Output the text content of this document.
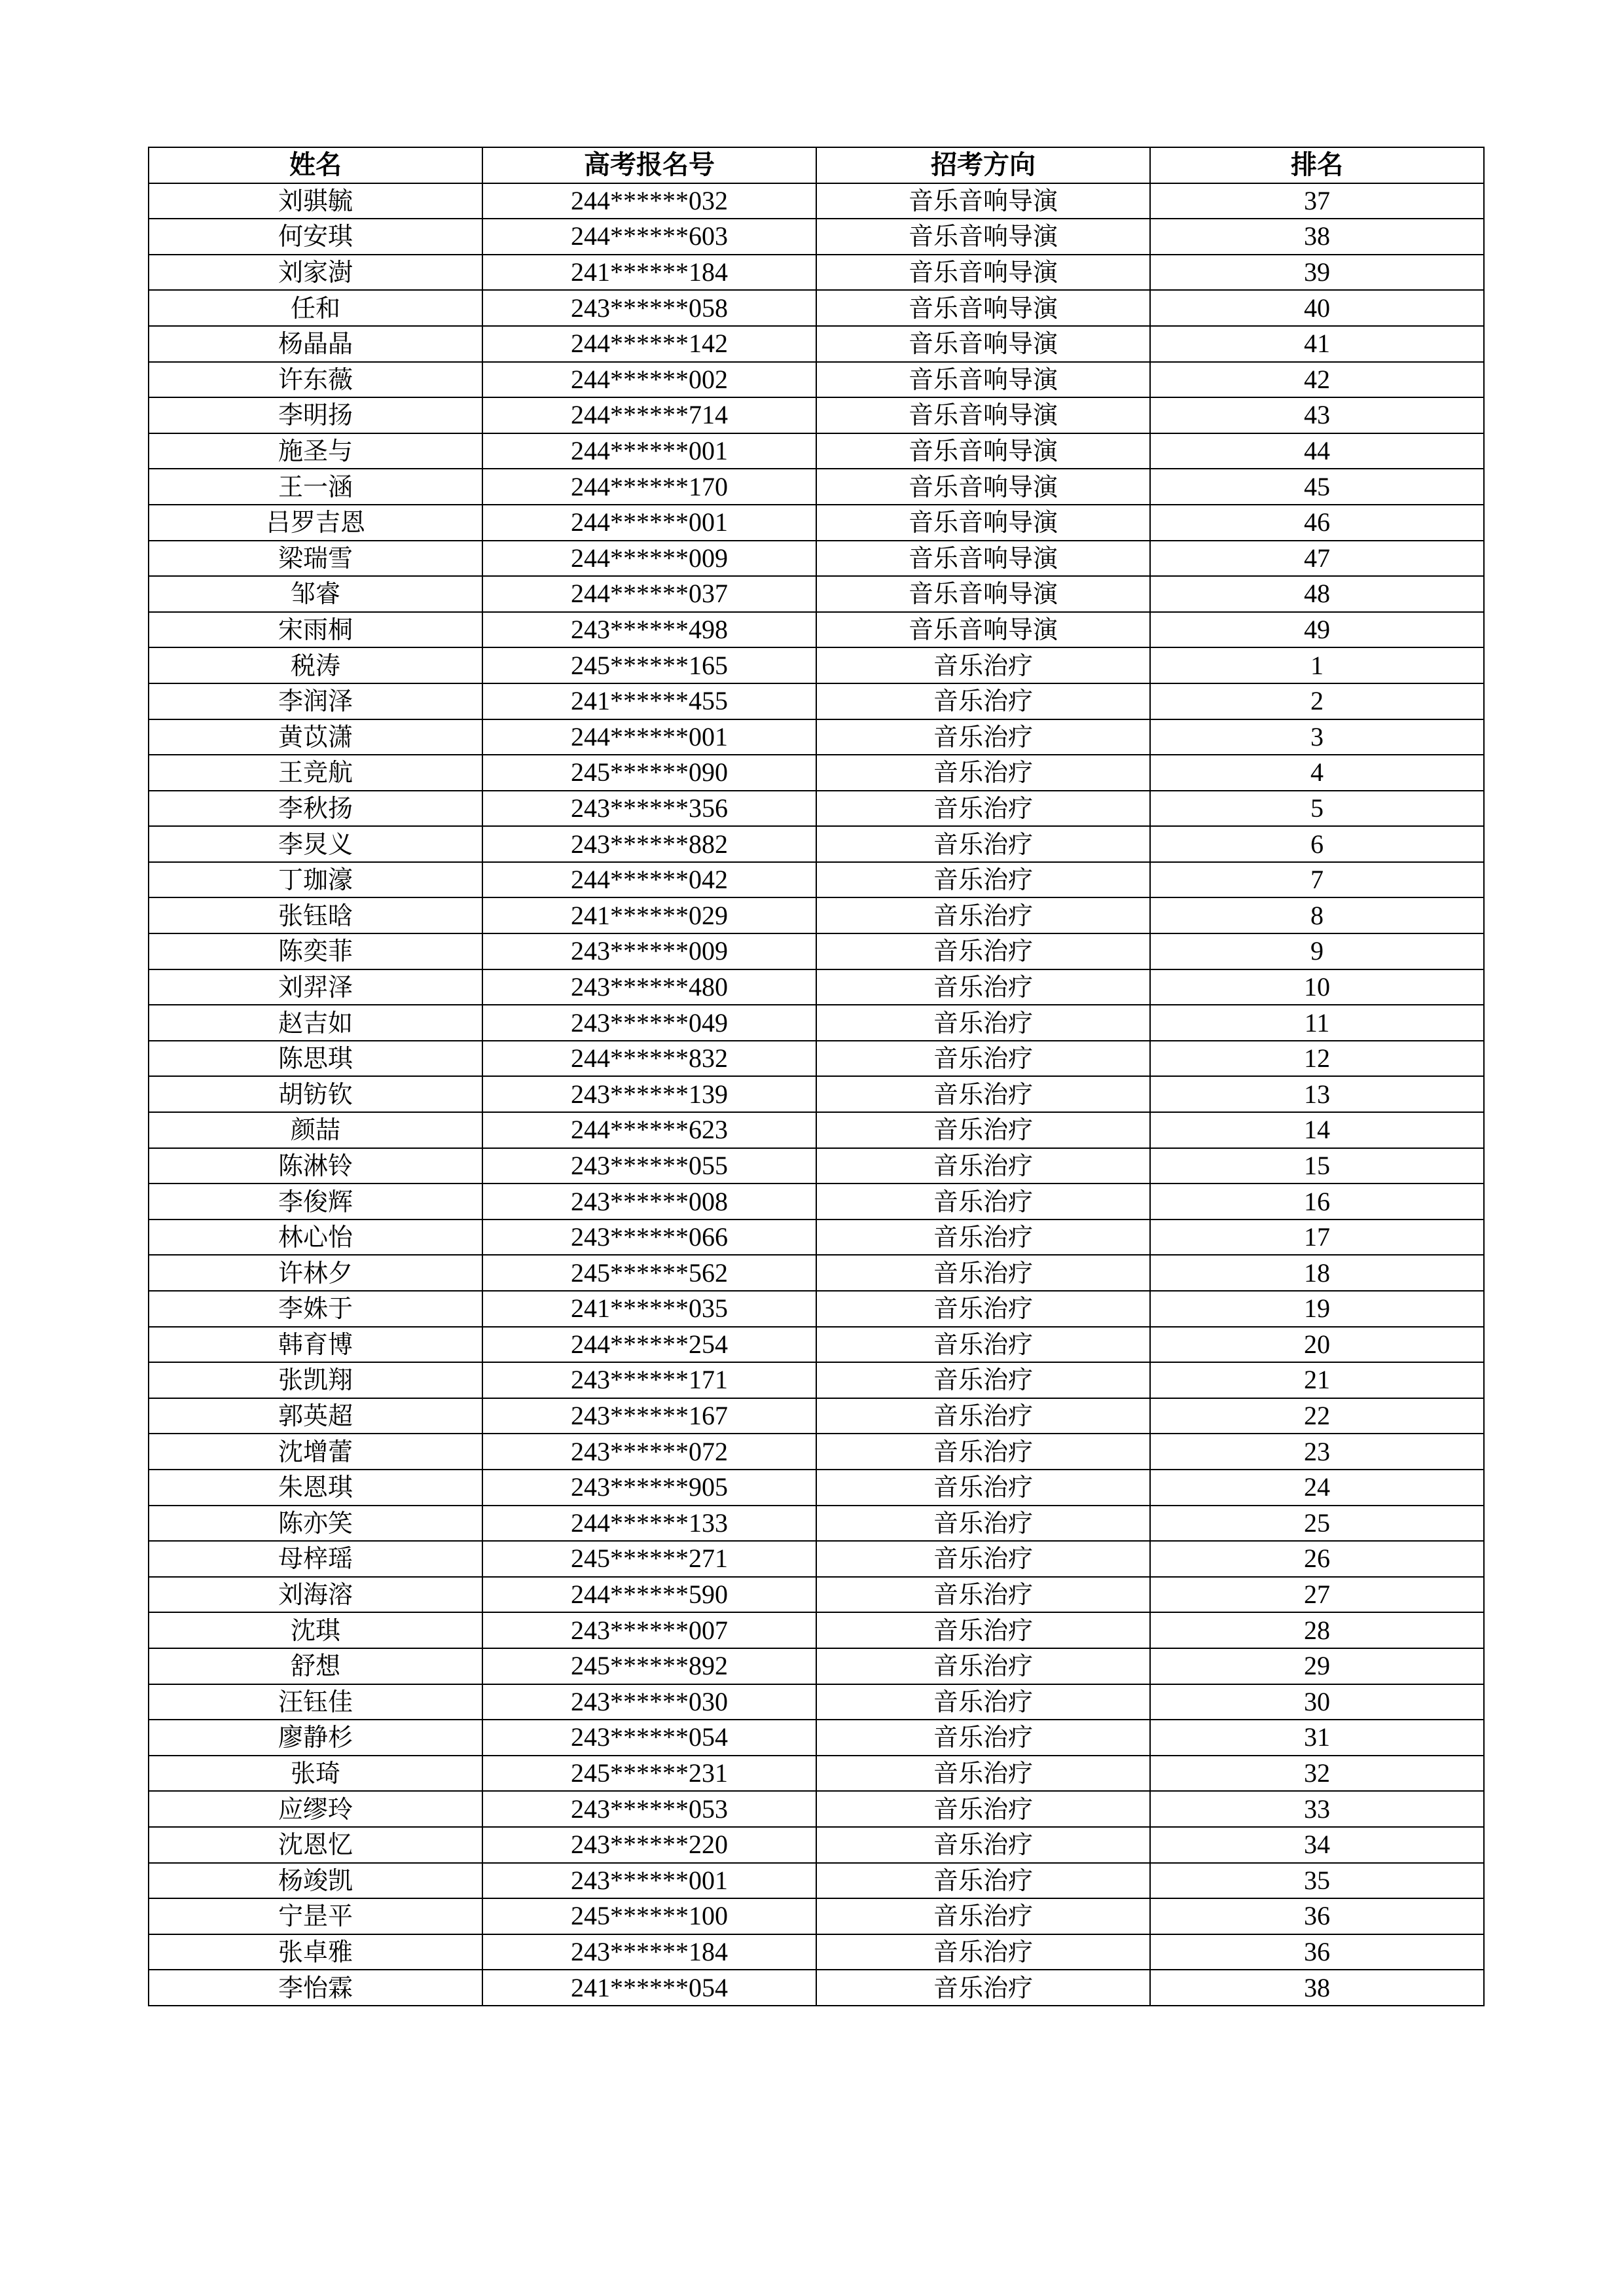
姓名	高考报名号	招考方向	排名
刘骐毓	244******032	音乐音响导演	37
何安琪	244******603	音乐音响导演	38
刘家澍	241******184	音乐音响导演	39
任和	243******058	音乐音响导演	40
杨晶晶	244******142	音乐音响导演	41
许东薇	244******002	音乐音响导演	42
李明扬	244******714	音乐音响导演	43
施圣与	244******001	音乐音响导演	44
王一涵	244******170	音乐音响导演	45
吕罗吉恩	244******001	音乐音响导演	46
梁瑞雪	244******009	音乐音响导演	47
邹睿	244******037	音乐音响导演	48
宋雨桐	243******498	音乐音响导演	49
税涛	245******165	音乐治疗	1
李润泽	241******455	音乐治疗	2
黄苡潇	244******001	音乐治疗	3
王竞航	245******090	音乐治疗	4
李秋扬	243******356	音乐治疗	5
李炅义	243******882	音乐治疗	6
丁珈濠	244******042	音乐治疗	7
张钰晗	241******029	音乐治疗	8
陈奕菲	243******009	音乐治疗	9
刘羿泽	243******480	音乐治疗	10
赵吉如	243******049	音乐治疗	11
陈思琪	244******832	音乐治疗	12
胡钫钦	243******139	音乐治疗	13
颜喆	244******623	音乐治疗	14
陈淋铃	243******055	音乐治疗	15
李俊辉	243******008	音乐治疗	16
林心怡	243******066	音乐治疗	17
许林夕	245******562	音乐治疗	18
李姝于	241******035	音乐治疗	19
韩育博	244******254	音乐治疗	20
张凯翔	243******171	音乐治疗	21
郭英超	243******167	音乐治疗	22
沈增蕾	243******072	音乐治疗	23
朱恩琪	243******905	音乐治疗	24
陈亦笑	244******133	音乐治疗	25
母梓瑶	245******271	音乐治疗	26
刘海溶	244******590	音乐治疗	27
沈琪	243******007	音乐治疗	28
舒想	245******892	音乐治疗	29
汪钰佳	243******030	音乐治疗	30
廖静杉	243******054	音乐治疗	31
张琦	245******231	音乐治疗	32
应缪玲	243******053	音乐治疗	33
沈恩忆	243******220	音乐治疗	34
杨竣凯	243******001	音乐治疗	35
宁昰平	245******100	音乐治疗	36
张卓雅	243******184	音乐治疗	36
李怡霖	241******054	音乐治疗	38
